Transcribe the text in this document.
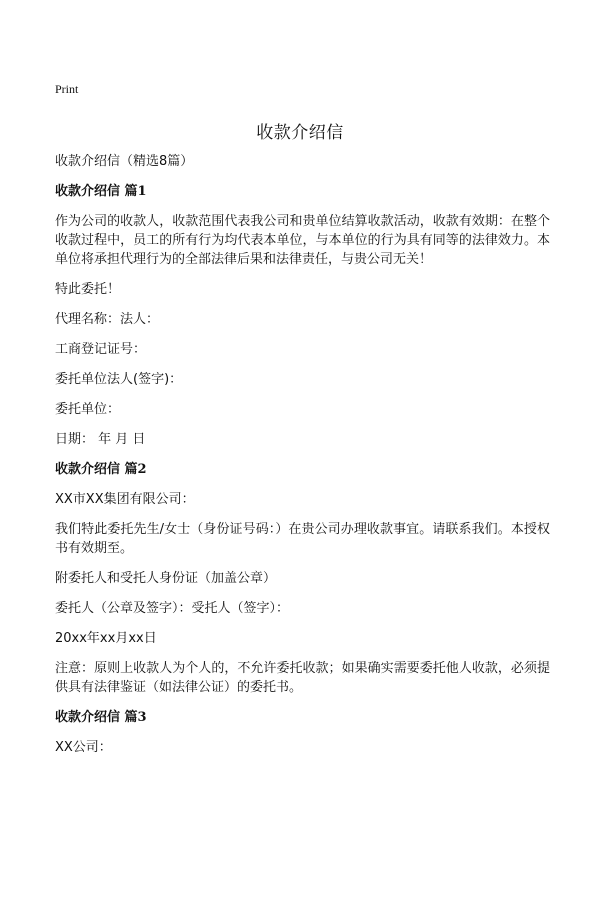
Print
收款介绍信

收款介绍信（精选8篇）

收款介绍信 篇1

作为公司的收款人，收款范围代表我公司和贵单位结算收款活动，收款有效期：在整个收款过程中，员工的所有行为均代表本单位，与本单位的行为具有同等的法律效力。本单位将承担代理行为的全部法律后果和法律责任，与贵公司无关！

特此委托！

代理名称：法人：

工商登记证号：

委托单位法人(签字)：

委托单位：

日期： 年 月 日

收款介绍信 篇2

XX市XX集团有限公司：

我们特此委托先生/女士（身份证号码：）在贵公司办理收款事宜。请联系我们。本授权书有效期至。

附委托人和受托人身份证（加盖公章）

委托人（公章及签字）：受托人（签字）：

20xx年xx月xx日

注意：原则上收款人为个人的，不允许委托收款；如果确实需要委托他人收款，必须提供具有法律鉴证（如法律公证）的委托书。

收款介绍信 篇3

XX公司：
